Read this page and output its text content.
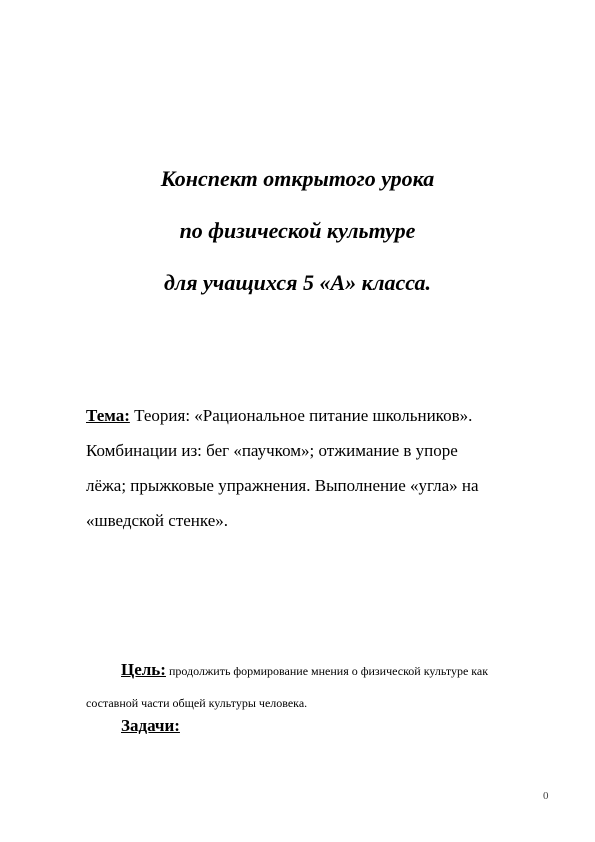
Конспект открытого урока
по физической культуре
для учащихся 5 «А» класса.
Тема: Теория: «Рациональное питание школьников».
Комбинации из: бег «паучком»; отжимание в упоре
лёжа; прыжковые упражнения. Выполнение «угла» на
«шведской стенке».
Цель: продолжить формирование мнения о физической культуре как
составной части общей культуры человека.
Задачи:
0
